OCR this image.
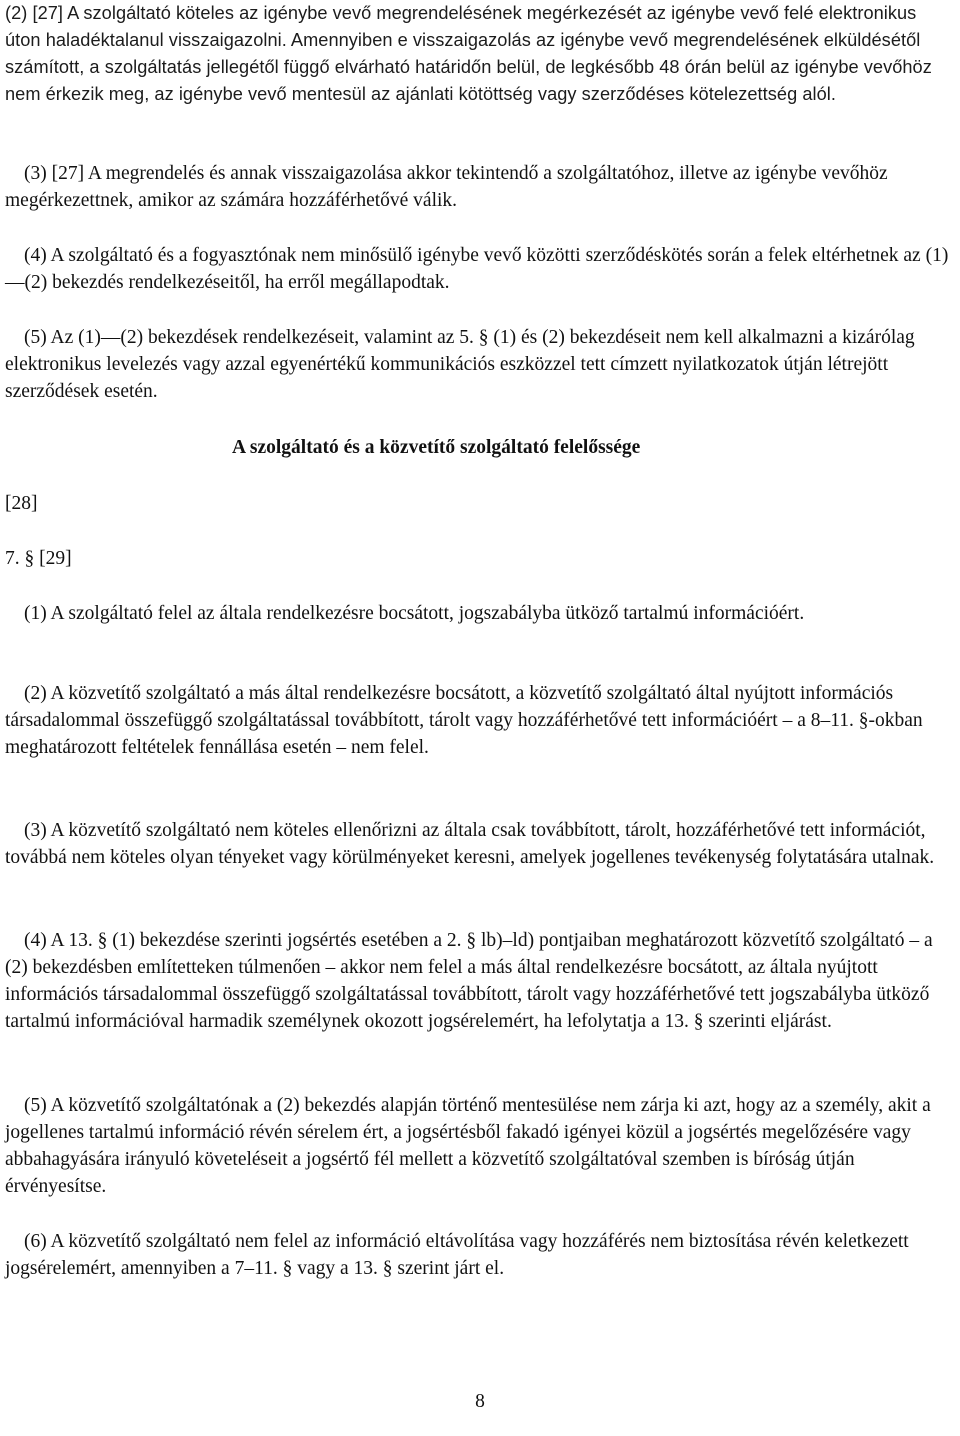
(2) [27] A szolgáltató köteles az igénybe vevő megrendelésének megérkezését az igénybe vevő felé elektronikus úton haladéktalanul visszaigazolni. Amennyiben e visszaigazolás az igénybe vevő megrendelésének elküldésétől számított, a szolgáltatás jellegétől függő elvárható határidőn belül, de legkésőbb 48 órán belül az igénybe vevőhöz nem érkezik meg, az igénybe vevő mentesül az ajánlati kötöttség vagy szerződéses kötelezettség alól.

(3) [27] A megrendelés és annak visszaigazolása akkor tekintendő a szolgáltatóhoz, illetve az igénybe vevőhöz megérkezettnek, amikor az számára hozzáférhetővé válik.

(4) A szolgáltató és a fogyasztónak nem minősülő igénybe vevő közötti szerződéskötés során a felek eltérhetnek az (1)—(2) bekezdés rendelkezéseitől, ha erről megállapodtak.

(5) Az (1)—(2) bekezdések rendelkezéseit, valamint az 5. § (1) és (2) bekezdéseit nem kell alkalmazni a kizárólag elektronikus levelezés vagy azzal egyenértékű kommunikációs eszközzel tett címzett nyilatkozatok útján létrejött szerződések esetén.

A szolgáltató és a közvetítő szolgáltató felelőssége
[28]
7. § [29]

(1) A szolgáltató felel az általa rendelkezésre bocsátott, jogszabályba ütköző tartalmú információért.

(2) A közvetítő szolgáltató a más által rendelkezésre bocsátott, a közvetítő szolgáltató által nyújtott információs társadalommal összefüggő szolgáltatással továbbított, tárolt vagy hozzáférhetővé tett információért – a 8–11. §-okban meghatározott feltételek fennállása esetén – nem felel.

(3) A közvetítő szolgáltató nem köteles ellenőrizni az általa csak továbbított, tárolt, hozzáférhetővé tett információt, továbbá nem köteles olyan tényeket vagy körülményeket keresni, amelyek jogellenes tevékenység folytatására utalnak.

(4) A 13. § (1) bekezdése szerinti jogsértés esetében a 2. § lb)–ld) pontjaiban meghatározott közvetítő szolgáltató – a (2) bekezdésben említetteken túlmenően – akkor nem felel a más által rendelkezésre bocsátott, az általa nyújtott információs társadalommal összefüggő szolgáltatással továbbított, tárolt vagy hozzáférhetővé tett jogszabályba ütköző tartalmú információval harmadik személynek okozott jogsérelemért, ha lefolytatja a 13. § szerinti eljárást.

(5) A közvetítő szolgáltatónak a (2) bekezdés alapján történő mentesülése nem zárja ki azt, hogy az a személy, akit a jogellenes tartalmú információ révén sérelem ért, a jogsértésből fakadó igényei közül a jogsértés megelőzésére vagy abbahagyására irányuló követeléseit a jogsértő fél mellett a közvetítő szolgáltatóval szemben is bíróság útján érvényesítse.

(6) A közvetítő szolgáltató nem felel az információ eltávolítása vagy hozzáférés nem biztosítása révén keletkezett jogsérelemért, amennyiben a 7–11. § vagy a 13. § szerint járt el.

8
